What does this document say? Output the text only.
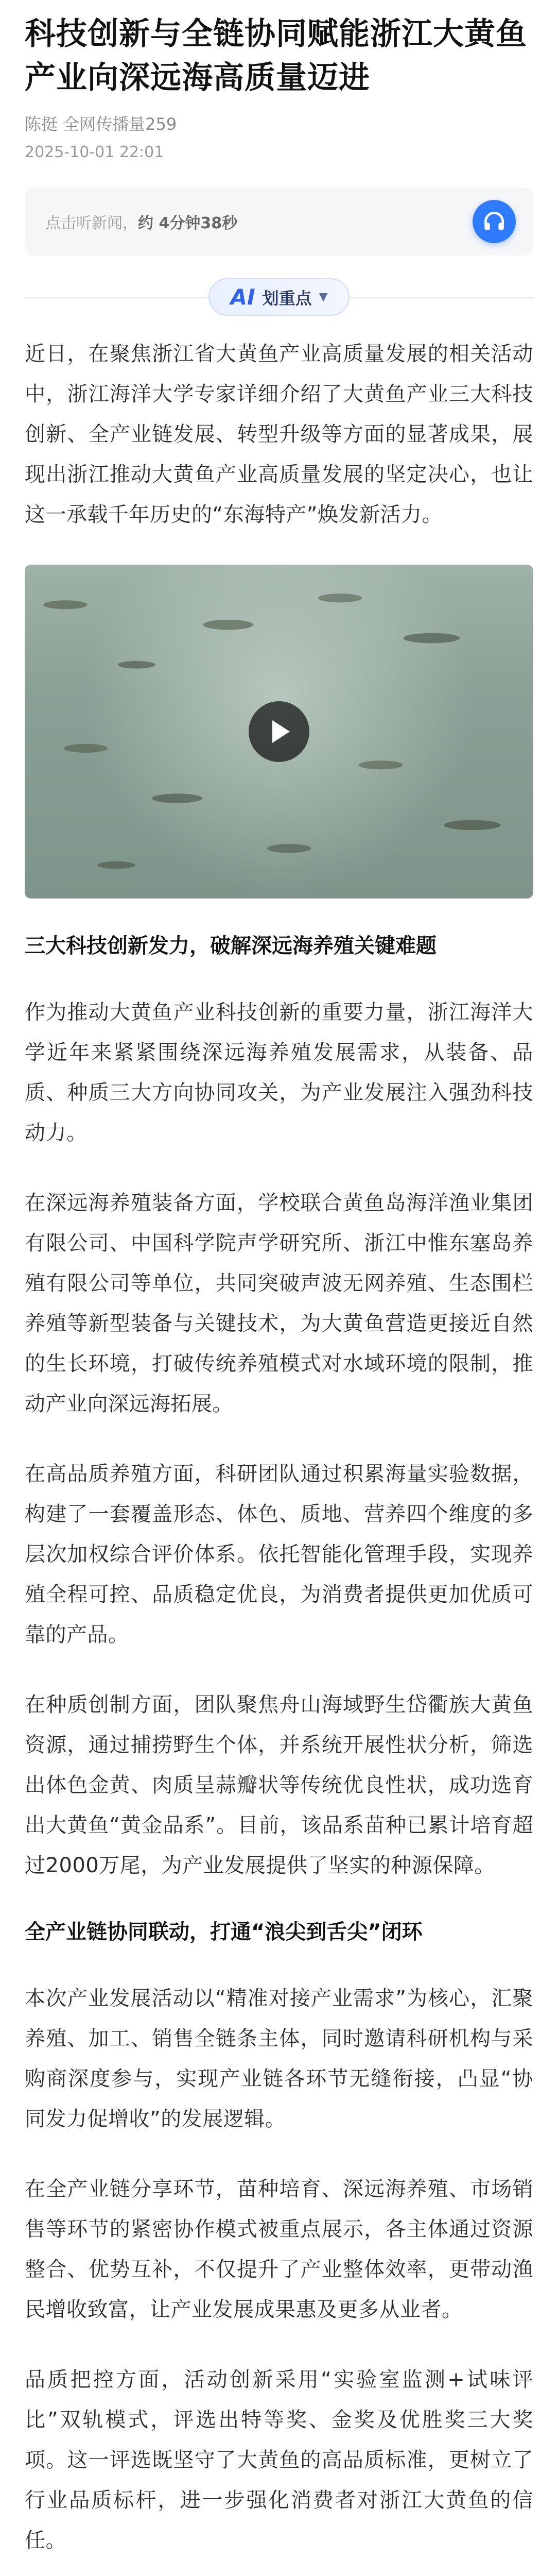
科技创新与全链协同赋能浙江大黄鱼产业向深远海高质量迈进
陈挺 全网传播量259
2025-10-01 22:01
点击听新闻，约 4分钟38秒
AI 划重点 ▼

近日，在聚焦浙江省大黄鱼产业高质量发展的相关活动中，浙江海洋大学专家详细介绍了大黄鱼产业三大科技创新、全产业链发展、转型升级等方面的显著成果，展现出浙江推动大黄鱼产业高质量发展的坚定决心，也让这一承载千年历史的“东海特产”焕发新活力。

三大科技创新发力，破解深远海养殖关键难题

作为推动大黄鱼产业科技创新的重要力量，浙江海洋大学近年来紧紧围绕深远海养殖发展需求，从装备、品质、种质三大方向协同攻关，为产业发展注入强劲科技动力。

在深远海养殖装备方面，学校联合黄鱼岛海洋渔业集团有限公司、中国科学院声学研究所、浙江中惟东塞岛养殖有限公司等单位，共同突破声波无网养殖、生态围栏养殖等新型装备与关键技术，为大黄鱼营造更接近自然的生长环境，打破传统养殖模式对水域环境的限制，推动产业向深远海拓展。

在高品质养殖方面，科研团队通过积累海量实验数据，构建了一套覆盖形态、体色、质地、营养四个维度的多层次加权综合评价体系。依托智能化管理手段，实现养殖全程可控、品质稳定优良，为消费者提供更加优质可靠的产品。

在种质创制方面，团队聚焦舟山海域野生岱衢族大黄鱼资源，通过捕捞野生个体，并系统开展性状分析，筛选出体色金黄、肉质呈蒜瓣状等传统优良性状，成功选育出大黄鱼“黄金品系”。目前，该品系苗种已累计培育超过2000万尾，为产业发展提供了坚实的种源保障。

全产业链协同联动，打通“浪尖到舌尖”闭环

本次产业发展活动以“精准对接产业需求”为核心，汇聚养殖、加工、销售全链条主体，同时邀请科研机构与采购商深度参与，实现产业链各环节无缝衔接，凸显“协同发力促增收”的发展逻辑。

在全产业链分享环节，苗种培育、深远海养殖、市场销售等环节的紧密协作模式被重点展示，各主体通过资源整合、优势互补，不仅提升了产业整体效率，更带动渔民增收致富，让产业发展成果惠及更多从业者。

品质把控方面，活动创新采用“实验室监测+试味评比”双轨模式，评选出特等奖、金奖及优胜奖三大奖项。这一评选既坚守了大黄鱼的高品质标准，更树立了行业品质标杆，进一步强化消费者对浙江大黄鱼的信任。
